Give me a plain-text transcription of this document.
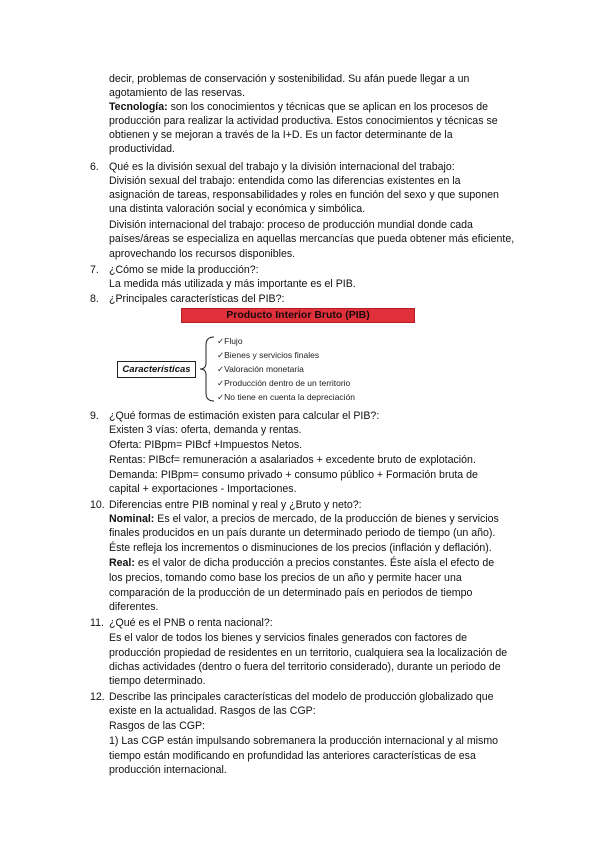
decir, problemas de conservación y sostenibilidad. Su afán puede llegar a un
agotamiento de las reservas.
Tecnología: son los conocimientos y técnicas que se aplican en los procesos de
producción para realizar la actividad productiva. Estos conocimientos y técnicas se
obtienen y se mejoran a través de la I+D. Es un factor determinante de la
productividad.
6. Qué es la división sexual del trabajo y la división internacional del trabajo:
División sexual del trabajo: entendida como las diferencias existentes en la
asignación de tareas, responsabilidades y roles en función del sexo y que suponen
una distinta valoración social y económica y simbólica.
División internacional del trabajo: proceso de producción mundial donde cada
países/áreas se especializa en aquellas mercancías que pueda obtener más eficiente,
aprovechando los recursos disponibles.
7. ¿Cómo se mide la producción?:
La medida más utilizada y más importante es el PIB.
8. ¿Principales características del PIB?:
Producto Interior Bruto (PIB)
Características
✓Flujo
✓Bienes y servicios finales
✓Valoración monetaria
✓Producción dentro de un territorio
✓No tiene en cuenta la depreciación
9. ¿Qué formas de estimación existen para calcular el PIB?:
Existen 3 vías: oferta, demanda y rentas.
Oferta: PIBpm= PIBcf +Impuestos Netos.
Rentas: PIBcf= remuneración a asalariados + excedente bruto de explotación.
Demanda: PIBpm= consumo privado + consumo público + Formación bruta de
capital + exportaciones - Importaciones.
10. Diferencias entre PIB nominal y real y ¿Bruto y neto?:
Nominal: Es el valor, a precios de mercado, de la producción de bienes y servicios
finales producidos en un país durante un determinado periodo de tiempo (un año).
Éste refleja los incrementos o disminuciones de los precios (inflación y deflación).
Real: es el valor de dicha producción a precios constantes. Éste aísla el efecto de
los precios, tomando como base los precios de un año y permite hacer una
comparación de la producción de un determinado país en periodos de tiempo
diferentes.
11. ¿Qué es el PNB o renta nacional?:
Es el valor de todos los bienes y servicios finales generados con factores de
producción propiedad de residentes en un territorio, cualquiera sea la localización de
dichas actividades (dentro o fuera del territorio considerado), durante un periodo de
tiempo determinado.
12. Describe las principales características del modelo de producción globalizado que
existe en la actualidad. Rasgos de las CGP:
Rasgos de las CGP:
1) Las CGP están impulsando sobremanera la producción internacional y al mismo
tiempo están modificando en profundidad las anteriores características de esa
producción internacional.
